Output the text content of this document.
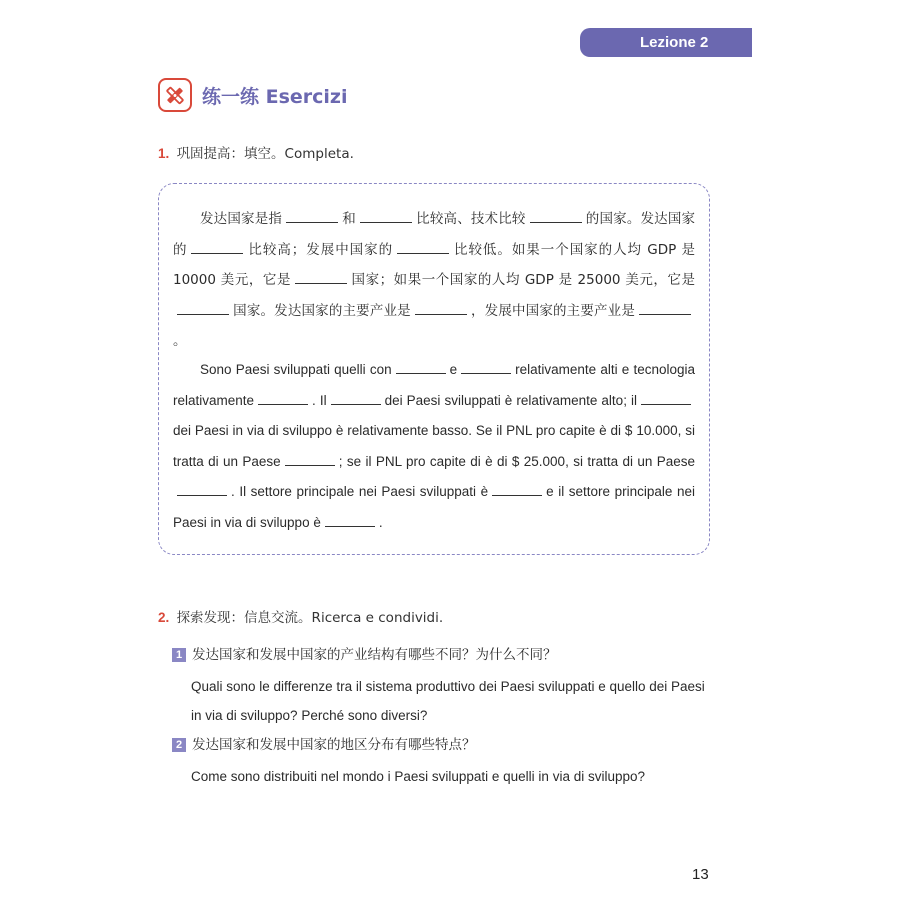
Lezione 2
练一练 Esercizi
1. 巩固提高：填空。Completa.
发达国家是指	和	比较高、技术比较	的国家。发达国家的	比较高；发展中国家的	比较低。如果一个国家的人均 GDP 是 10000 美元，它是	国家；如果一个国家的人均 GDP 是 25000 美元，它是国家。发达国家的主要产业是	，发展中国家的主要产业是。
Sono Paesi sviluppati quelli con	e	relativamente alti e tecnologia relativamente	. Il	dei Paesi sviluppati è relativamente alto; ildei Paesi in via di sviluppo è relativamente basso. Se il PNL pro capite è di $ 10.000, si tratta di un Paese	; se il PNL pro capite di è di $ 25.000, si tratta di un Paese. Il settore principale nei Paesi sviluppati è	e il settore principale nei Paesi in via di sviluppo è	.
2. 探索发现：信息交流。Ricerca e condividi.
1 发达国家和发展中国家的产业结构有哪些不同？为什么不同？
Quali sono le differenze tra il sistema produttivo dei Paesi sviluppati e quello dei Paesi in via di sviluppo? Perché sono diversi?
2 发达国家和发展中国家的地区分布有哪些特点？
Come sono distribuiti nel mondo i Paesi sviluppati e quelli in via di sviluppo?
13
